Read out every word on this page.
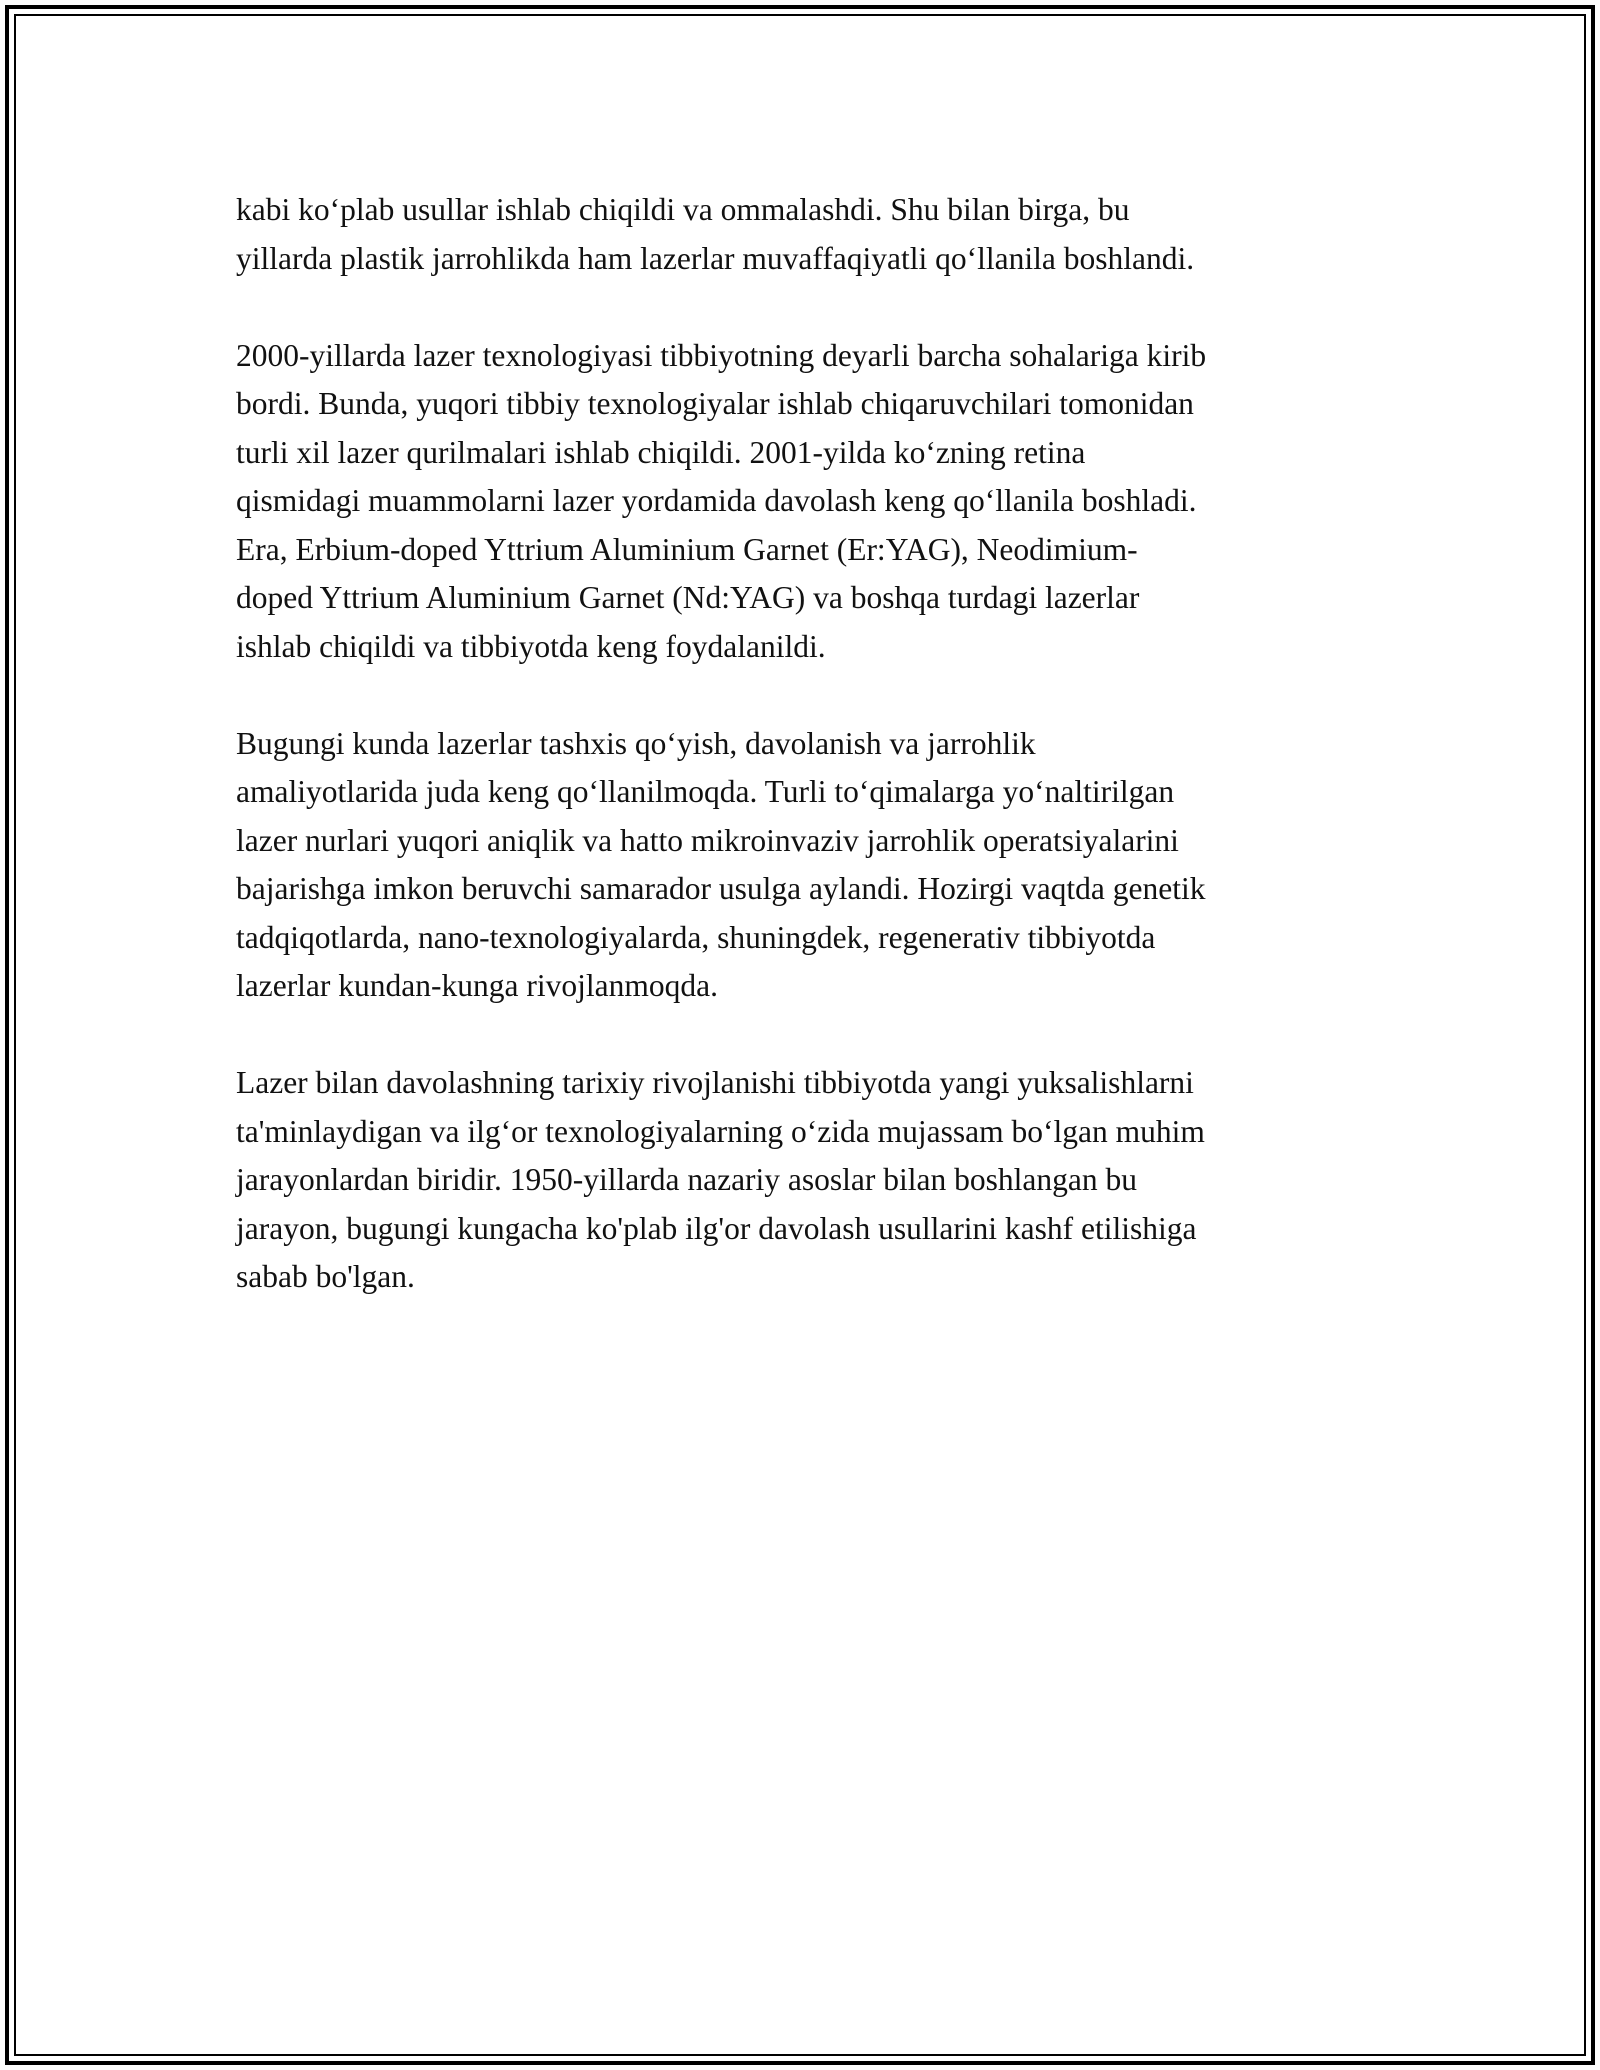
kabi ko‘plab usullar ishlab chiqildi va ommalashdi. Shu bilan birga, bu
yillarda plastik jarrohlikda ham lazerlar muvaffaqiyatli qo‘llanila boshlandi.

2000-yillarda lazer texnologiyasi tibbiyotning deyarli barcha sohalariga kirib
bordi. Bunda, yuqori tibbiy texnologiyalar ishlab chiqaruvchilari tomonidan
turli xil lazer qurilmalari ishlab chiqildi. 2001-yilda ko‘zning retina
qismidagi muammolarni lazer yordamida davolash keng qo‘llanila boshladi.
Era, Erbium-doped Yttrium Aluminium Garnet (Er:YAG), Neodimium-
doped Yttrium Aluminium Garnet (Nd:YAG) va boshqa turdagi lazerlar
ishlab chiqildi va tibbiyotda keng foydalanildi.

Bugungi kunda lazerlar tashxis qo‘yish, davolanish va jarrohlik
amaliyotlarida juda keng qo‘llanilmoqda. Turli to‘qimalarga yo‘naltirilgan
lazer nurlari yuqori aniqlik va hatto mikroinvaziv jarrohlik operatsiyalarini
bajarishga imkon beruvchi samarador usulga aylandi. Hozirgi vaqtda genetik
tadqiqotlarda, nano-texnologiyalarda, shuningdek, regenerativ tibbiyotda
lazerlar kundan-kunga rivojlanmoqda.

Lazer bilan davolashning tarixiy rivojlanishi tibbiyotda yangi yuksalishlarni
ta'minlaydigan va ilg‘or texnologiyalarning o‘zida mujassam bo‘lgan muhim
jarayonlardan biridir. 1950-yillarda nazariy asoslar bilan boshlangan bu
jarayon, bugungi kungacha ko'plab ilg'or davolash usullarini kashf etilishiga
sabab bo'lgan.
